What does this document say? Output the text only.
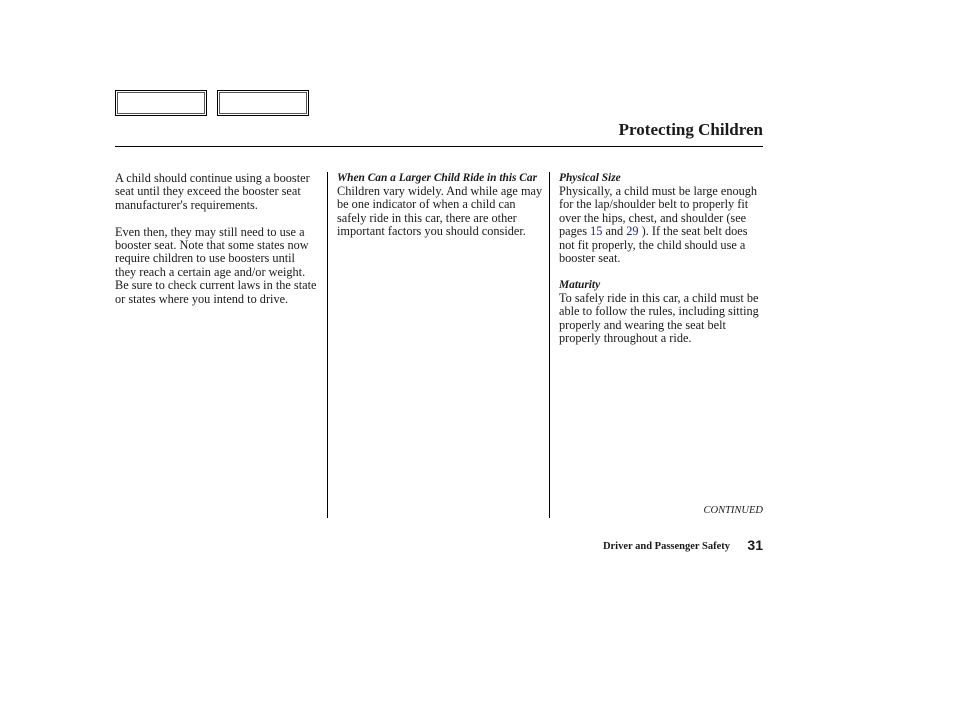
Protecting Children

A child should continue using a booster seat until they exceed the booster seat manufacturer's requirements.

Even then, they may still need to use a booster seat. Note that some states now require children to use boosters until they reach a certain age and/or weight. Be sure to check current laws in the state or states where you intend to drive.

When Can a Larger Child Ride in this Car

Children vary widely. And while age may be one indicator of when a child can safely ride in this car, there are other important factors you should consider.

Physical Size

Physically, a child must be large enough for the lap/shoulder belt to properly fit over the hips, chest, and shoulder (see pages 15 and 29 ). If the seat belt does not fit properly, the child should use a booster seat.

Maturity

To safely ride in this car, a child must be able to follow the rules, including sitting properly and wearing the seat belt properly throughout a ride.

CONTINUED
Driver and Passenger Safety 31
